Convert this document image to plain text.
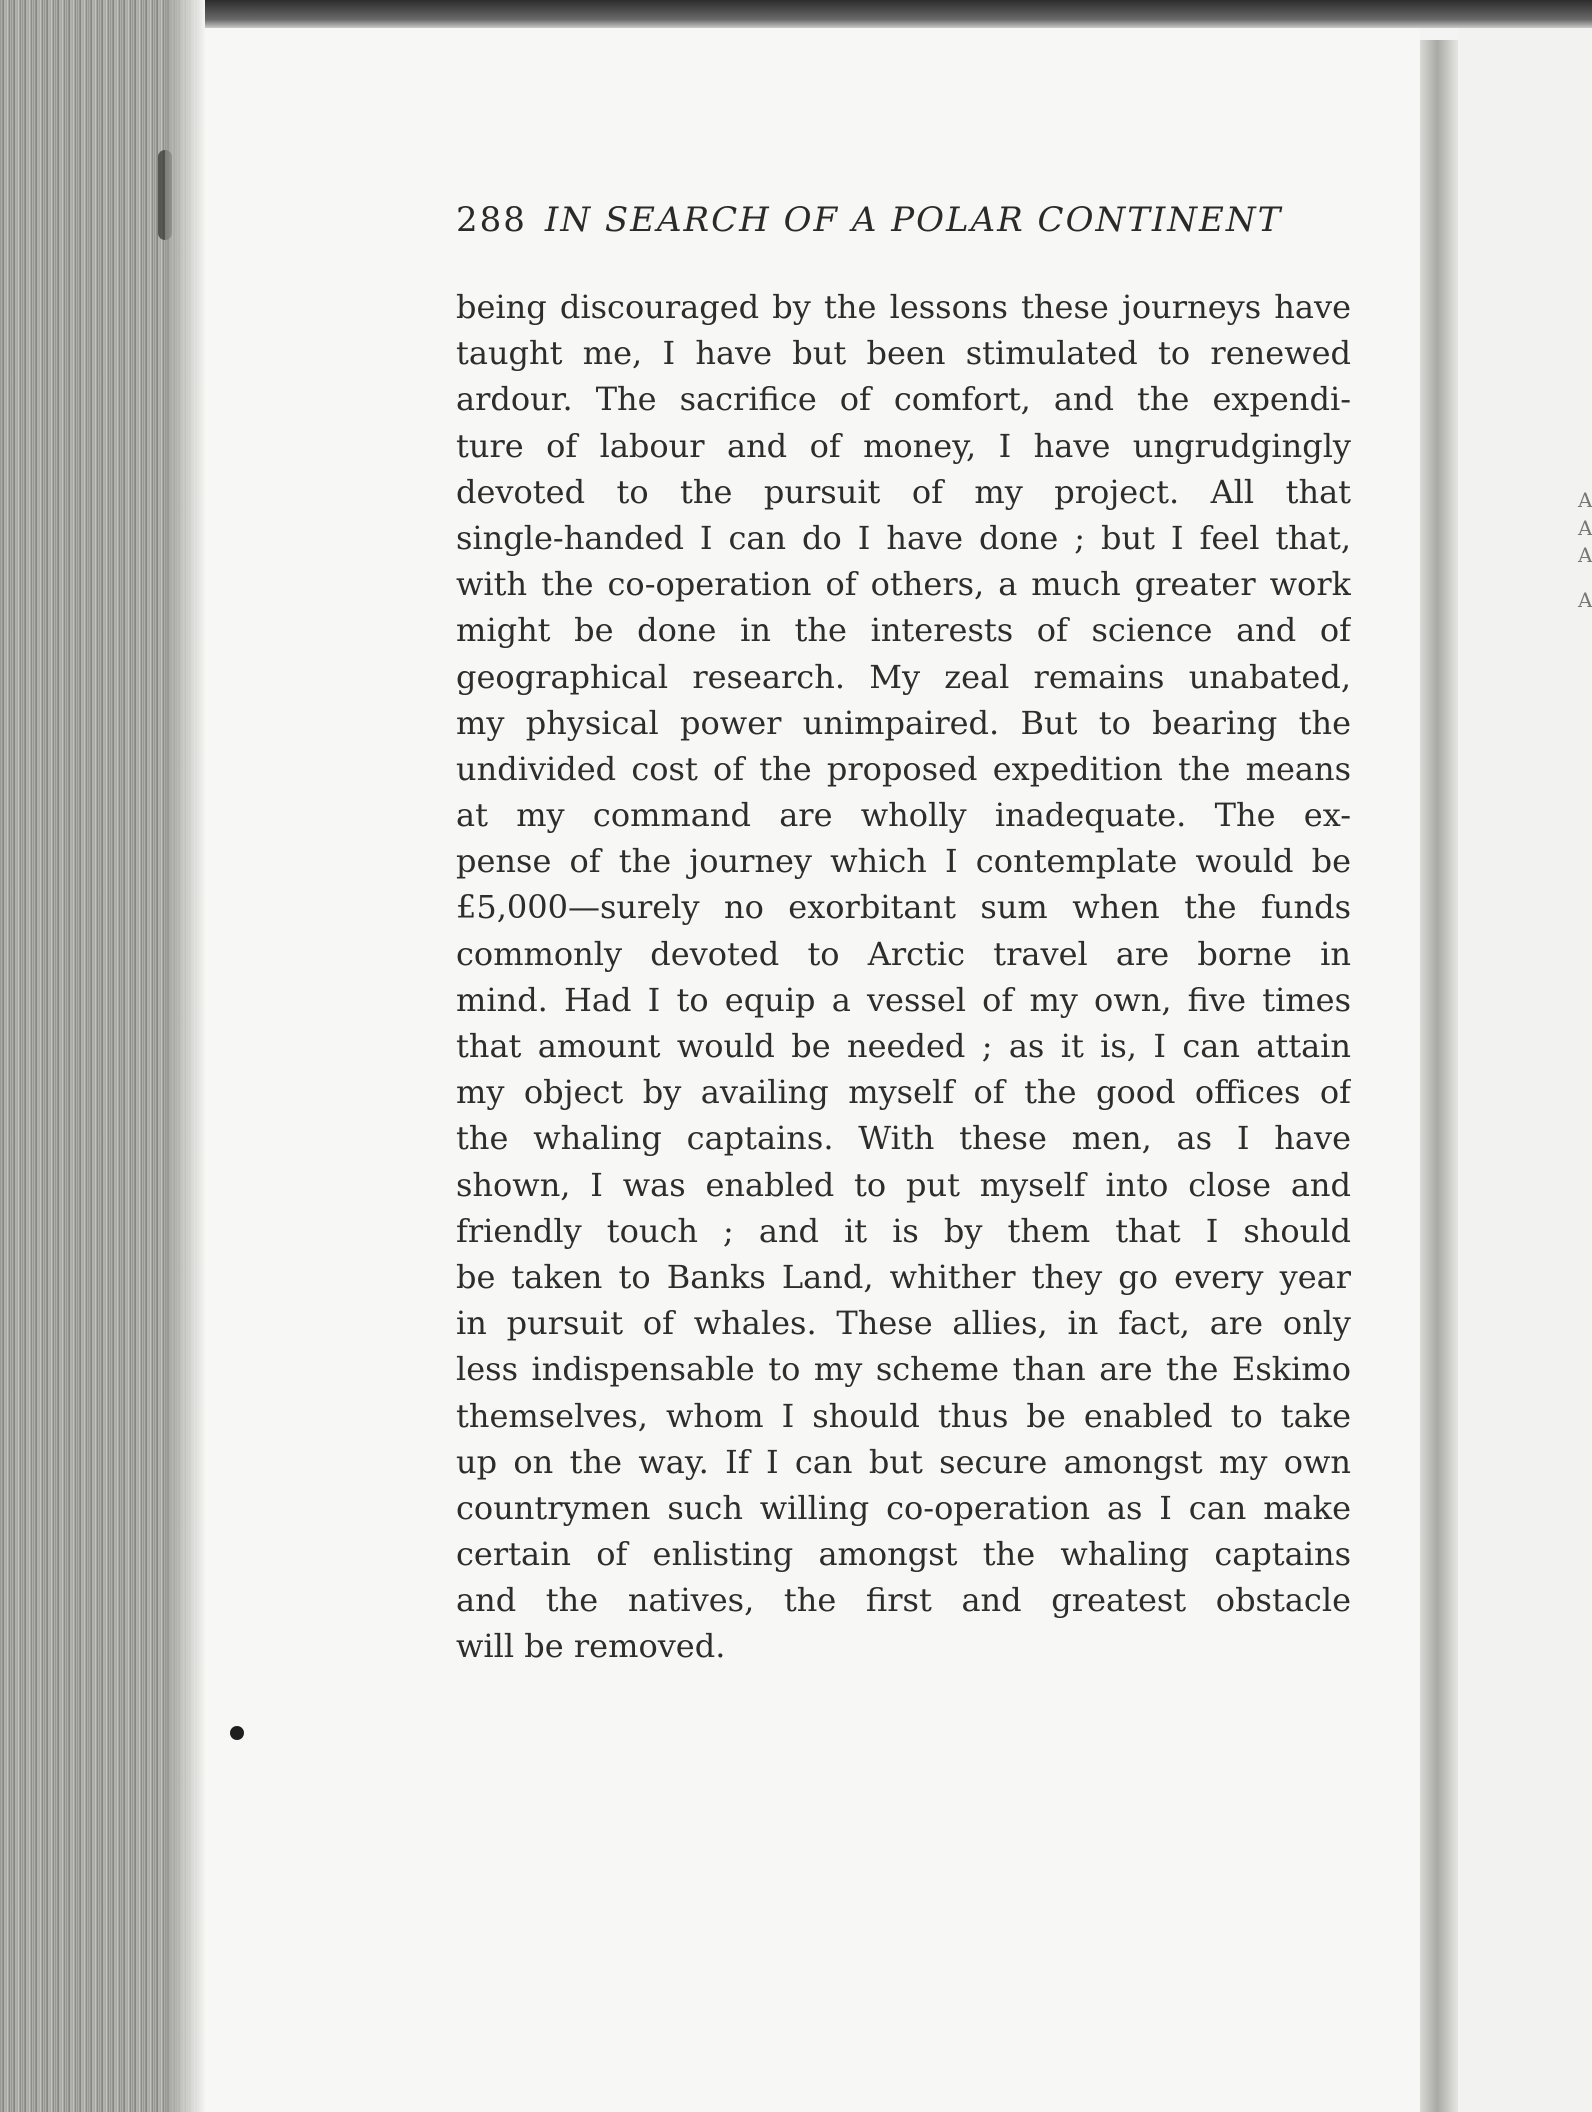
A
A
A
A
288 IN SEARCH OF A POLAR CONTINENT
being discouraged by the lessons these journeys have
taught me, I have but been stimulated to renewed
ardour. The sacrifice of comfort, and the expendi-
ture of labour and of money, I have ungrudgingly
devoted to the pursuit of my project. All that
single-handed I can do I have done ; but I feel that,
with the co-operation of others, a much greater work
might be done in the interests of science and of
geographical research. My zeal remains unabated,
my physical power unimpaired. But to bearing the
undivided cost of the proposed expedition the means
at my command are wholly inadequate. The ex-
pense of the journey which I contemplate would be
£5,000—surely no exorbitant sum when the funds
commonly devoted to Arctic travel are borne in
mind. Had I to equip a vessel of my own, five times
that amount would be needed ; as it is, I can attain
my object by availing myself of the good offices of
the whaling captains. With these men, as I have
shown, I was enabled to put myself into close and
friendly touch ; and it is by them that I should
be taken to Banks Land, whither they go every year
in pursuit of whales. These allies, in fact, are only
less indispensable to my scheme than are the Eskimo
themselves, whom I should thus be enabled to take
up on the way. If I can but secure amongst my own
countrymen such willing co-operation as I can make
certain of enlisting amongst the whaling captains
and the natives, the first and greatest obstacle
will be removed.
